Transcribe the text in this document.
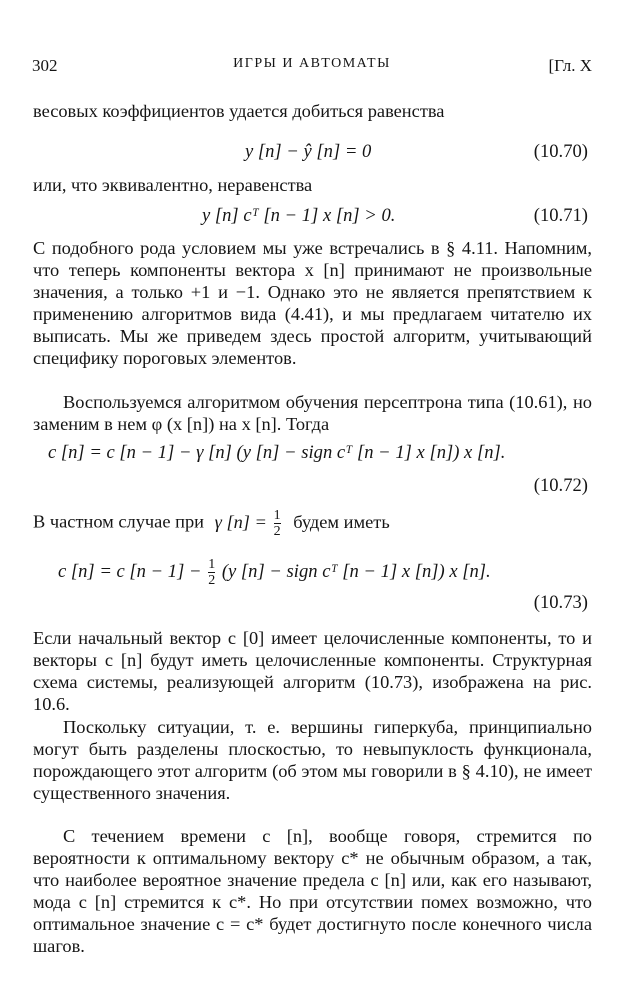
302	ИГРЫ И АВТОМАТЫ	[Гл. X

весовых коэффициентов удается добиться равенства

y [n] − ŷ [n] = 0	(10.70)

или, что эквивалентно, неравенства

y [n] cᵀ [n − 1] x [n] > 0.	(10.71)

С подобного рода условием мы уже встречались в § 4.11. Напомним, что теперь компоненты вектора x [n] принимают не произвольные значения, а только +1 и −1. Однако это не является препятствием к применению алгоритмов вида (4.41), и мы предлагаем читателю их выписать. Мы же приведем здесь простой алгоритм, учитывающий специфику пороговых элементов.

Воспользуемся алгоритмом обучения персептрона типа (10.61), но заменим в нем φ (x [n]) на x [n]. Тогда

c [n] = c [n − 1] − γ [n] (y [n] − sign cᵀ [n − 1] x [n]) x [n].
(10.72)
В частном случае при γ $[n] = \frac{1}{2}$ будем иметь
c [n] = c $[n - 1] - \frac{1}{2} (y$ [n] − sign cᵀ [n − 1] x [n]) x [n].
(10.73)

Если начальный вектор c [0] имеет целочисленные компоненты, то и векторы c [n] будут иметь целочисленные компоненты. Структурная схема системы, реализующей алгоритм (10.73), изображена на рис. 10.6.

Поскольку ситуации, т. е. вершины гиперкуба, принципиально могут быть разделены плоскостью, то невыпуклость функционала, порождающего этот алгоритм (об этом мы говорили в § 4.10), не имеет существенного значения.

С течением времени c [n], вообще говоря, стремится по вероятности к оптимальному вектору c* не обычным образом, а так, что наиболее вероятное значение предела c [n] или, как его называют, мода c [n] стремится к c*. Но при отсутствии помех возможно, что оптимальное значение c = c* будет достигнуто после конечного числа шагов.
